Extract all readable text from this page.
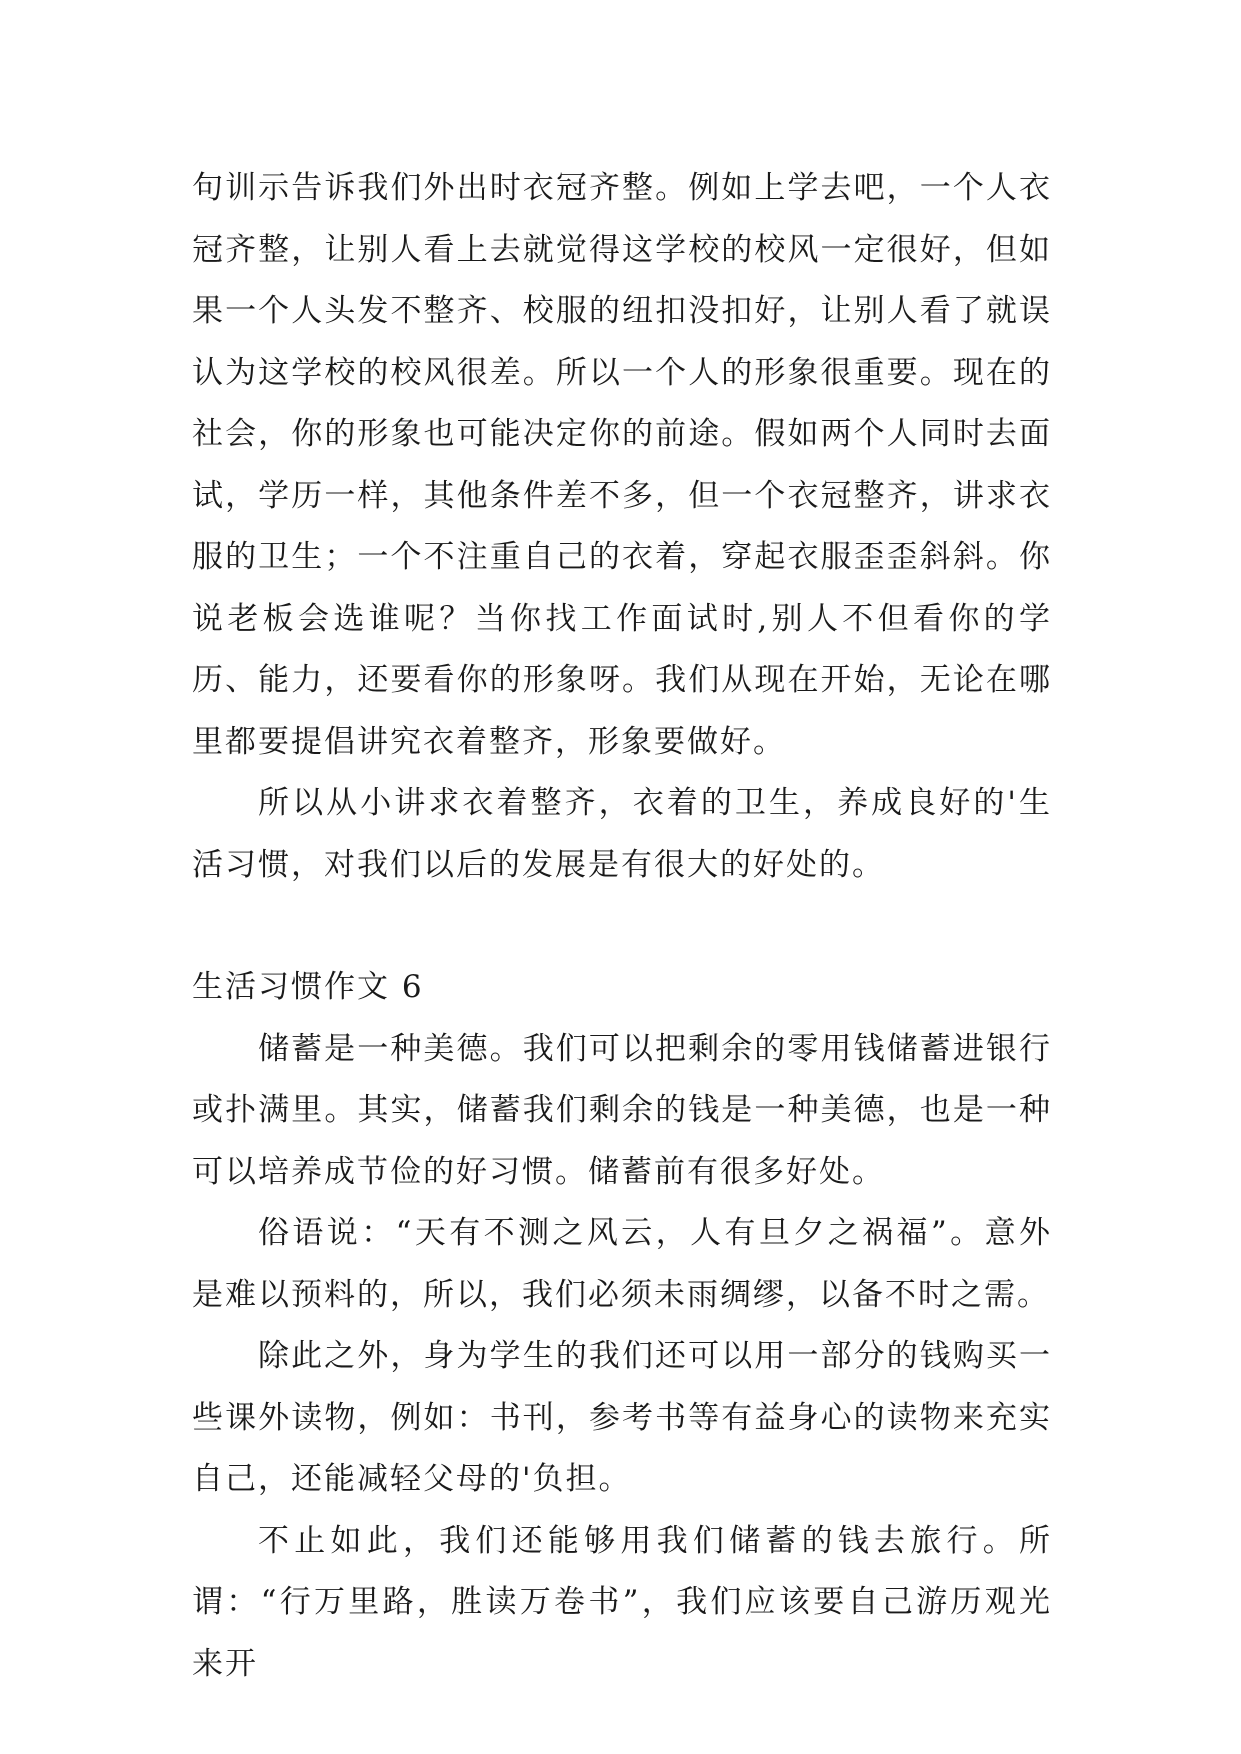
句训示告诉我们外出时衣冠齐整。例如上学去吧，一个人衣冠齐整，让别人看上去就觉得这学校的校风一定很好，但如果一个人头发不整齐、校服的纽扣没扣好，让别人看了就误认为这学校的校风很差。所以一个人的形象很重要。现在的社会，你的形象也可能决定你的前途。假如两个人同时去面试，学历一样，其他条件差不多，但一个衣冠整齐，讲求衣服的卫生；一个不注重自己的衣着，穿起衣服歪歪斜斜。你说老板会选谁呢？当你找工作面试时,别人不但看你的学历、能力，还要看你的形象呀。我们从现在开始，无论在哪里都要提倡讲究衣着整齐，形象要做好。

所以从小讲求衣着整齐，衣着的卫生，养成良好的'生活习惯，对我们以后的发展是有很大的好处的。

生活习惯作文 6

储蓄是一种美德。我们可以把剩余的零用钱储蓄进银行或扑满里。其实，储蓄我们剩余的钱是一种美德，也是一种可以培养成节俭的好习惯。储蓄前有很多好处。

俗语说：“天有不测之风云，人有旦夕之祸福”。意外是难以预料的，所以，我们必须未雨绸缪，以备不时之需。

除此之外，身为学生的我们还可以用一部分的钱购买一些课外读物，例如：书刊，参考书等有益身心的读物来充实自己，还能减轻父母的'负担。

不止如此，我们还能够用我们储蓄的钱去旅行。所谓：“行万里路，胜读万卷书”，我们应该要自己游历观光来开
